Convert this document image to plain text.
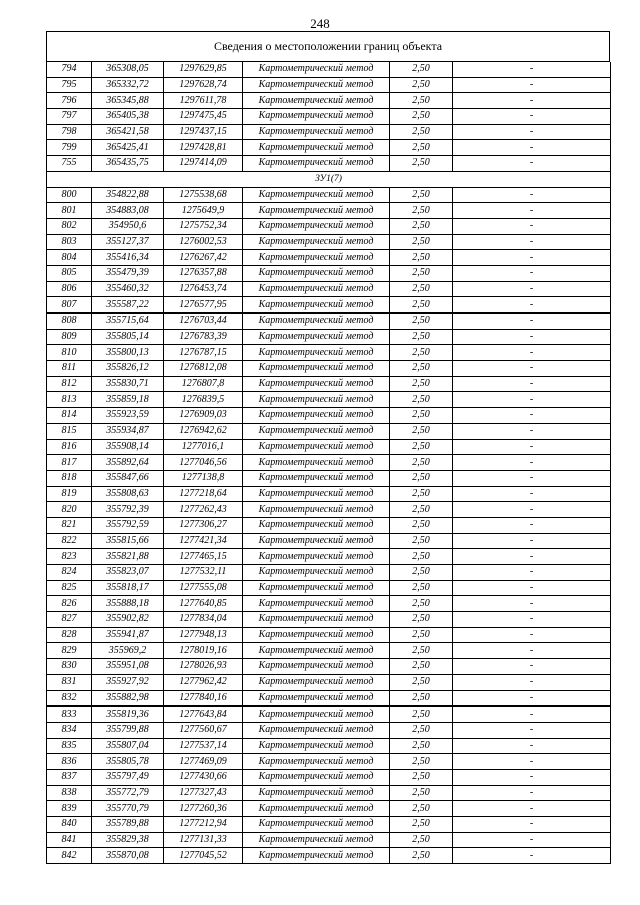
248
Сведения о местоположении границ объекта
794	365308,05	1297629,85	Картометрический метод	2,50	-
795	365332,72	1297628,74	Картометрический метод	2,50	-
796	365345,88	1297611,78	Картометрический метод	2,50	-
797	365405,38	1297475,45	Картометрический метод	2,50	-
798	365421,58	1297437,15	Картометрический метод	2,50	-
799	365425,41	1297428,81	Картометрический метод	2,50	-
755	365435,75	1297414,09	Картометрический метод	2,50	-
ЗУ1(7)					
800	354822,88	1275538,68	Картометрический метод	2,50	-
801	354883,08	1275649,9	Картометрический метод	2,50	-
802	354950,6	1275752,34	Картометрический метод	2,50	-
803	355127,37	1276002,53	Картометрический метод	2,50	-
804	355416,34	1276267,42	Картометрический метод	2,50	-
805	355479,39	1276357,88	Картометрический метод	2,50	-
806	355460,32	1276453,74	Картометрический метод	2,50	-
807	355587,22	1276577,95	Картометрический метод	2,50	-
808	355715,64	1276703,44	Картометрический метод	2,50	-
809	355805,14	1276783,39	Картометрический метод	2,50	-
810	355800,13	1276787,15	Картометрический метод	2,50	-
811	355826,12	1276812,08	Картометрический метод	2,50	-
812	355830,71	1276807,8	Картометрический метод	2,50	-
813	355859,18	1276839,5	Картометрический метод	2,50	-
814	355923,59	1276909,03	Картометрический метод	2,50	-
815	355934,87	1276942,62	Картометрический метод	2,50	-
816	355908,14	1277016,1	Картометрический метод	2,50	-
817	355892,64	1277046,56	Картометрический метод	2,50	-
818	355847,66	1277138,8	Картометрический метод	2,50	-
819	355808,63	1277218,64	Картометрический метод	2,50	-
820	355792,39	1277262,43	Картометрический метод	2,50	-
821	355792,59	1277306,27	Картометрический метод	2,50	-
822	355815,66	1277421,34	Картометрический метод	2,50	-
823	355821,88	1277465,15	Картометрический метод	2,50	-
824	355823,07	1277532,11	Картометрический метод	2,50	-
825	355818,17	1277555,08	Картометрический метод	2,50	-
826	355888,18	1277640,85	Картометрический метод	2,50	-
827	355902,82	1277834,04	Картометрический метод	2,50	-
828	355941,87	1277948,13	Картометрический метод	2,50	-
829	355969,2	1278019,16	Картометрический метод	2,50	-
830	355951,08	1278026,93	Картометрический метод	2,50	-
831	355927,92	1277962,42	Картометрический метод	2,50	-
832	355882,98	1277840,16	Картометрический метод	2,50	-
833	355819,36	1277643,84	Картометрический метод	2,50	-
834	355799,88	1277560,67	Картометрический метод	2,50	-
835	355807,04	1277537,14	Картометрический метод	2,50	-
836	355805,78	1277469,09	Картометрический метод	2,50	-
837	355797,49	1277430,66	Картометрический метод	2,50	-
838	355772,79	1277327,43	Картометрический метод	2,50	-
839	355770,79	1277260,36	Картометрический метод	2,50	-
840	355789,88	1277212,94	Картометрический метод	2,50	-
841	355829,38	1277131,33	Картометрический метод	2,50	-
842	355870,08	1277045,52	Картометрический метод	2,50	-
